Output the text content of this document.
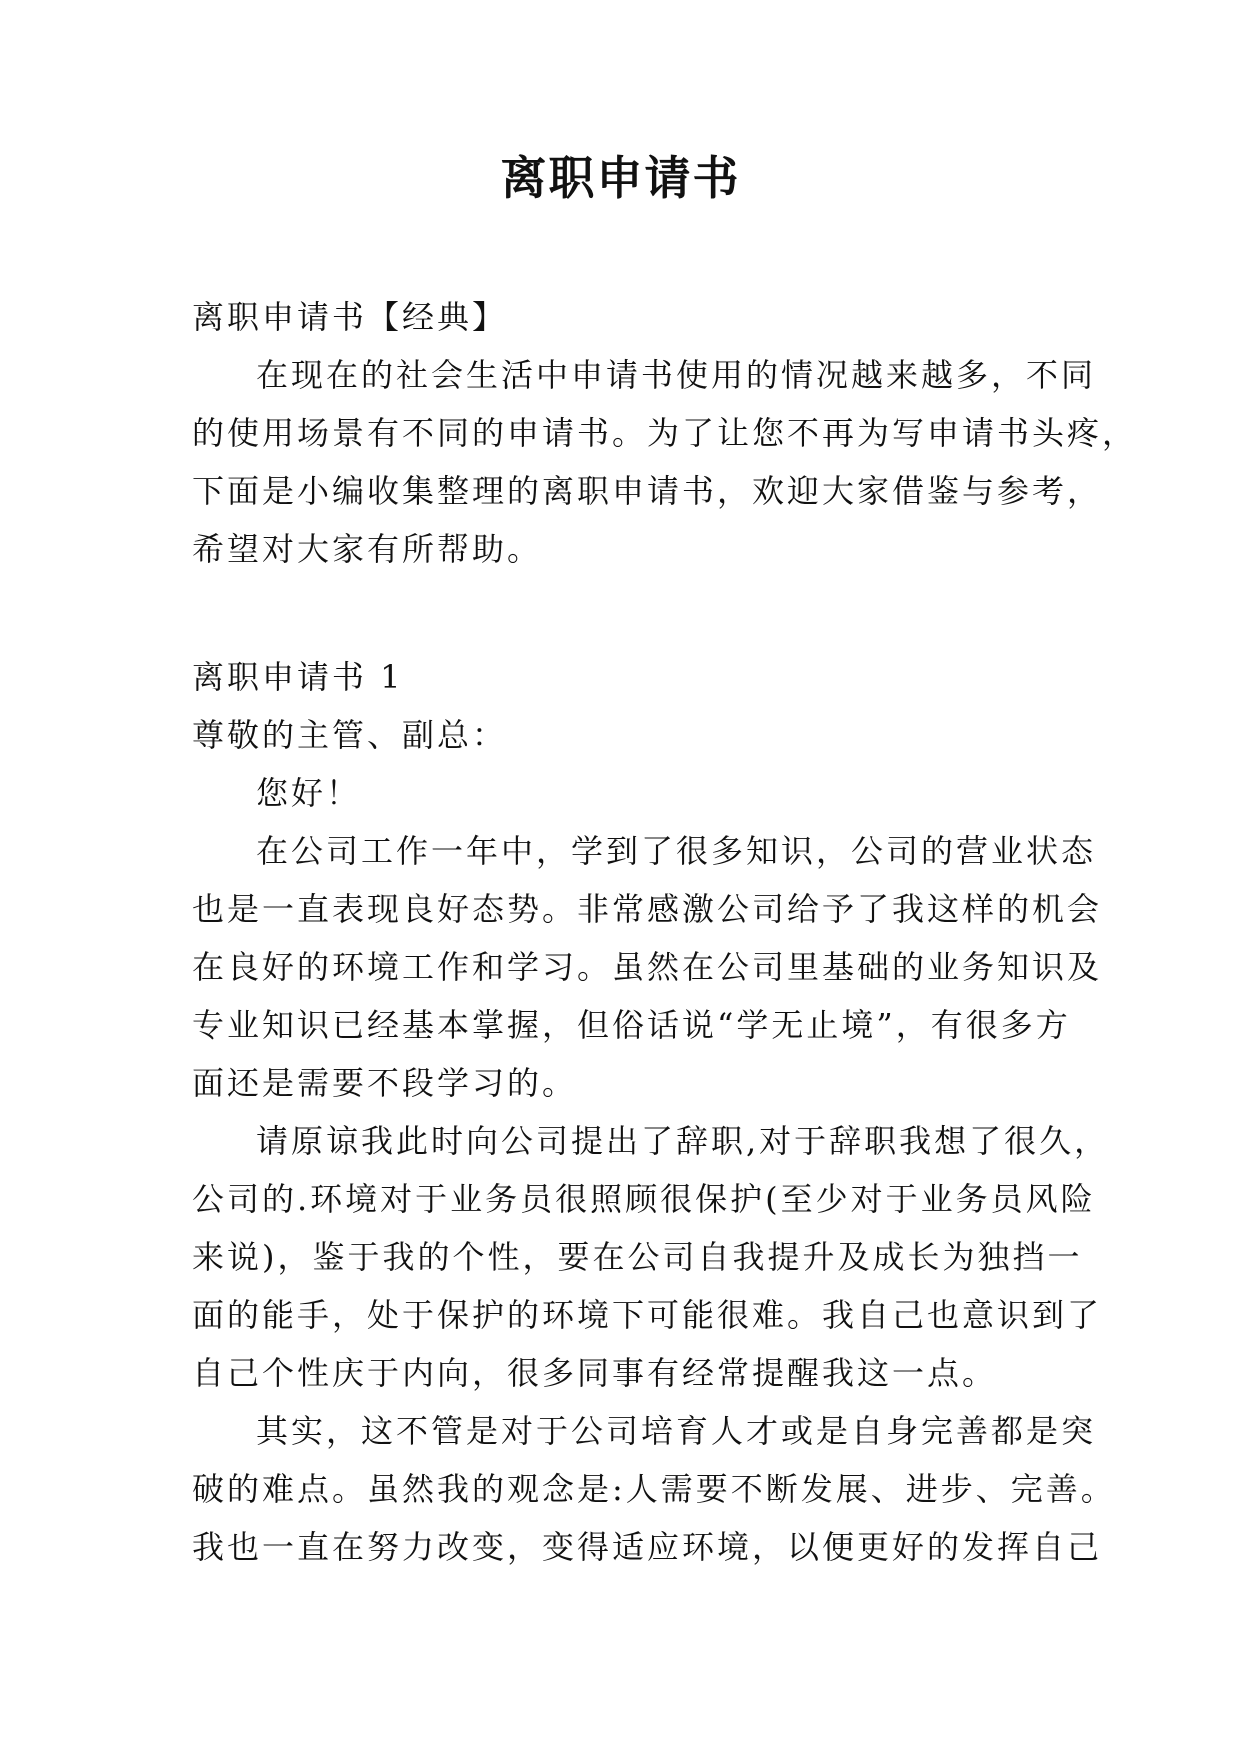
离职申请书
离职申请书【经典】
在现在的社会生活中申请书使用的情况越来越多，不同
的使用场景有不同的申请书。为了让您不再为写申请书头疼，
下面是小编收集整理的离职申请书，欢迎大家借鉴与参考，
希望对大家有所帮助。
离职申请书 1
尊敬的主管、副总：
您好！
在公司工作一年中，学到了很多知识，公司的营业状态
也是一直表现良好态势。非常感激公司给予了我这样的机会
在良好的环境工作和学习。虽然在公司里基础的业务知识及
专业知识已经基本掌握，但俗话说“学无止境”，有很多方
面还是需要不段学习的。
请原谅我此时向公司提出了辞职,对于辞职我想了很久，
公司的.环境对于业务员很照顾很保护(至少对于业务员风险
来说)，鉴于我的个性，要在公司自我提升及成长为独挡一
面的能手，处于保护的环境下可能很难。我自己也意识到了
自己个性庆于内向，很多同事有经常提醒我这一点。
其实，这不管是对于公司培育人才或是自身完善都是突
破的难点。虽然我的观念是:人需要不断发展、进步、完善。
我也一直在努力改变，变得适应环境，以便更好的发挥自己
